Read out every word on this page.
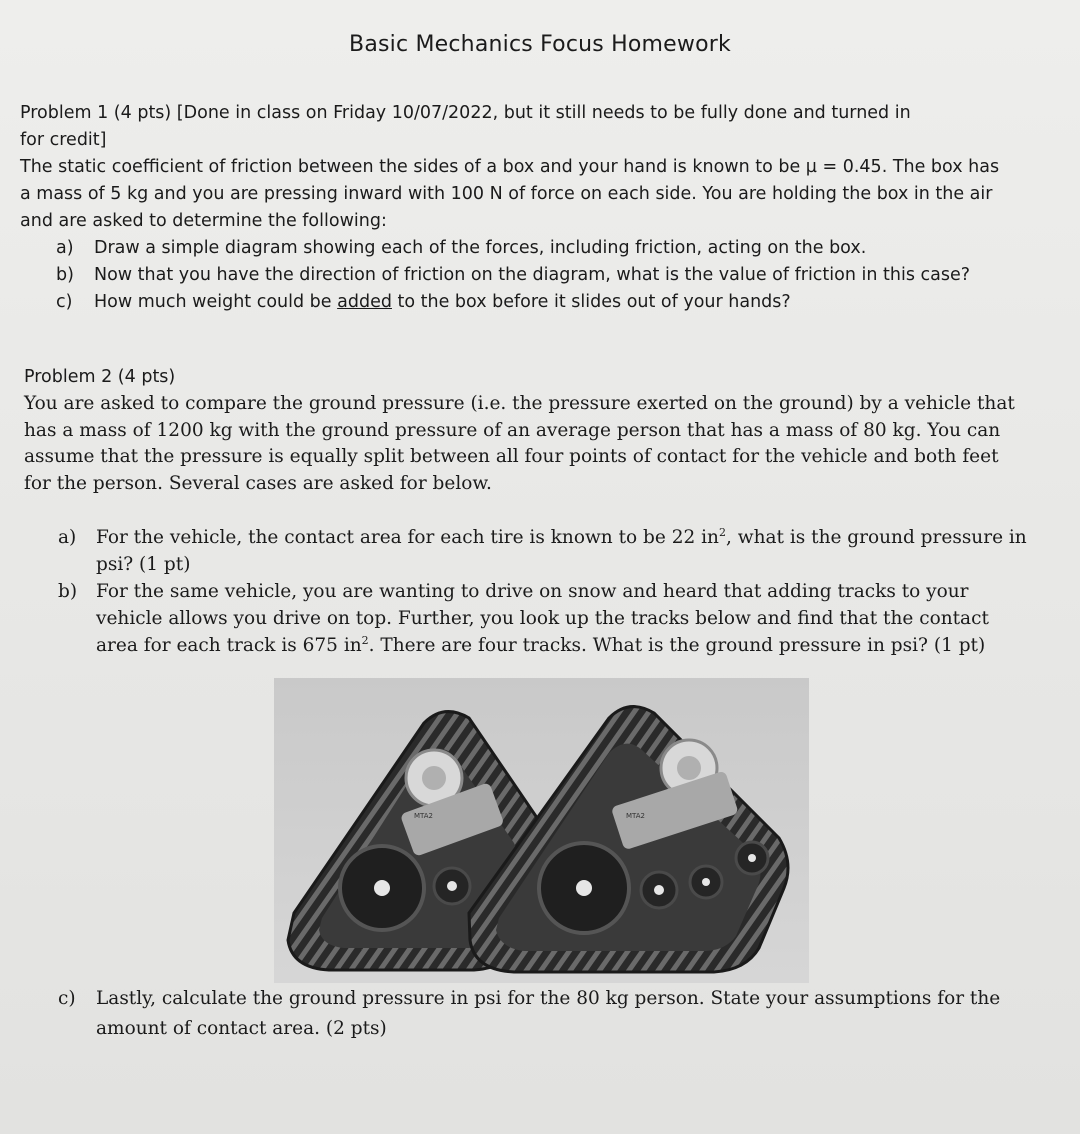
Basic Mechanics Focus Homework
Problem 1 (4 pts) [Done in class on Friday 10/07/2022, but it still needs to be fully done and turned in
for credit]
The static coefficient of friction between the sides of a box and your hand is known to be µ = 0.45. The box has
a mass of 5 kg and you are pressing inward with 100 N of force on each side. You are holding the box in the air
and are asked to determine the following:
a)	Draw a simple diagram showing each of the forces, including friction, acting on the box.
b)	Now that you have the direction of friction on the diagram, what is the value of friction in this case?
c)	How much weight could be added to the box before it slides out of your hands?
Problem 2 (4 pts)
You are asked to compare the ground pressure (i.e. the pressure exerted on the ground) by a vehicle that
has a mass of 1200 kg with the ground pressure of an average person that has a mass of 80 kg. You can
assume that the pressure is equally split between all four points of contact for the vehicle and both feet
for the person. Several cases are asked for below.
a)	For the vehicle, the contact area for each tire is known to be 22 $in^2$, what is the ground pressure in
psi? (1 pt)
b)	For the same vehicle, you are wanting to drive on snow and heard that adding tracks to your
vehicle allows you drive on top. Further, you look up the tracks below and find that the contact
area for each track is 675 $in^2$. There are four tracks. What is the ground pressure in psi? (1 pt)
MTA2	MTA2
c)	Lastly, calculate the ground pressure in psi for the 80 kg person. State your assumptions for the
amount of contact area. (2 pts)
